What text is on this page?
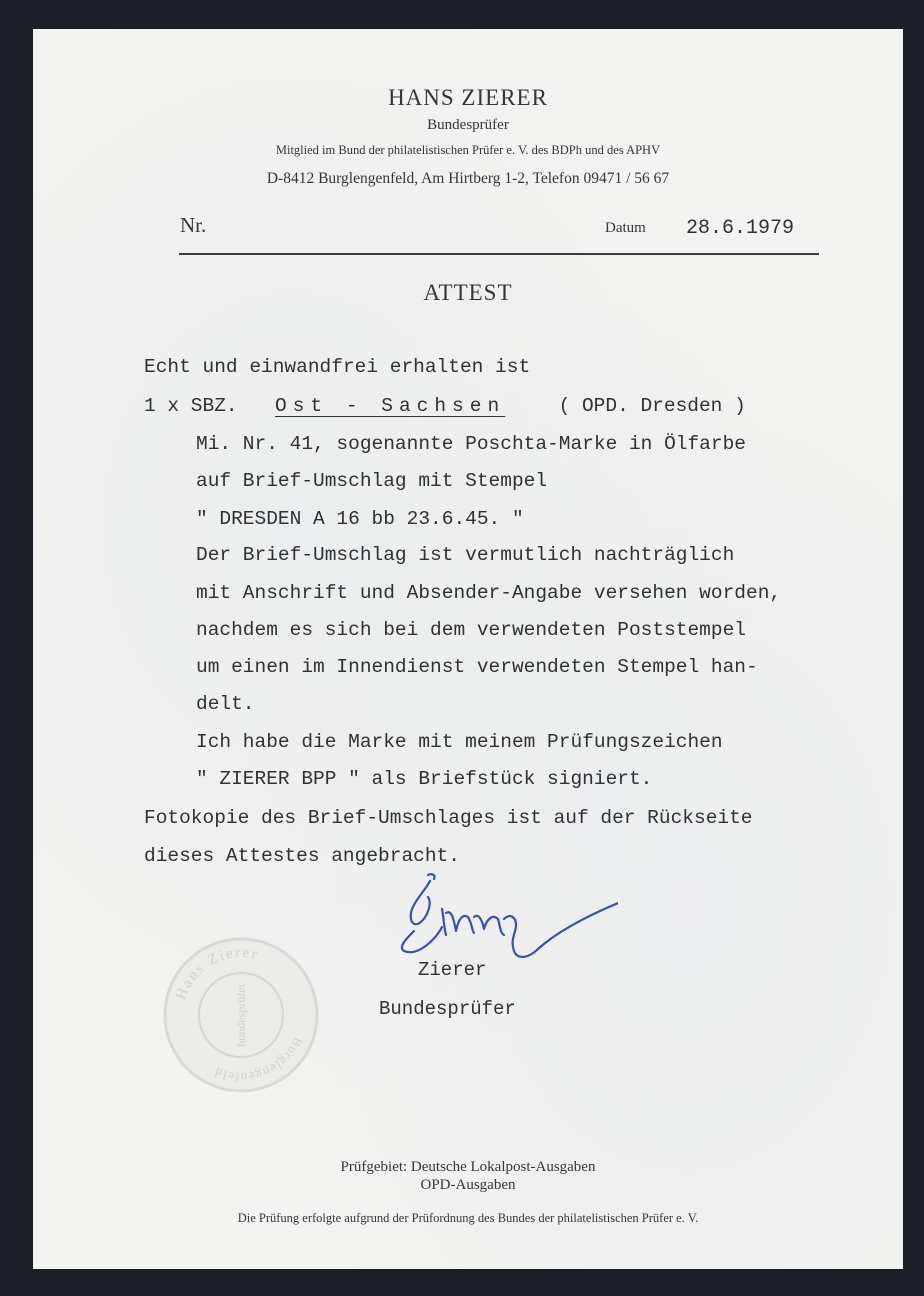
HANS ZIERER
Bundesprüfer
Mitglied im Bund der philatelistischen Prüfer e. V. des BDPh und des APHV
D-8412 Burglengenfeld, Am Hirtberg 1-2, Telefon 09471 / 56 67
Nr.	Datum 28.6.1979
ATTEST
Echt und einwandfrei erhalten ist
1 x SBZ. Ost - Sachsen	( OPD. Dresden )
Mi. Nr. 41, sogenannte Poschta-Marke in Ölfarbe
auf Brief-Umschlag mit Stempel
" DRESDEN A 16 bb 23.6.45. "
Der Brief-Umschlag ist vermutlich nachträglich
mit Anschrift und Absender-Angabe versehen worden,
nachdem es sich bei dem verwendeten Poststempel
um einen im Innendienst verwendeten Stempel han-
delt.
Ich habe die Marke mit meinem Prüfungszeichen
" ZIERER BPP " als Briefstück signiert.
Fotokopie des Brief-Umschlages ist auf der Rückseite
dieses Attestes angebracht.
Hans Zierer
Burglengenfeld
bundesprüfer
Zierer
Bundesprüfer
Prüfgebiet: Deutsche Lokalpost-Ausgaben
OPD-Ausgaben
Die Prüfung erfolgte aufgrund der Prüfordnung des Bundes der philatelistischen Prüfer e. V.
